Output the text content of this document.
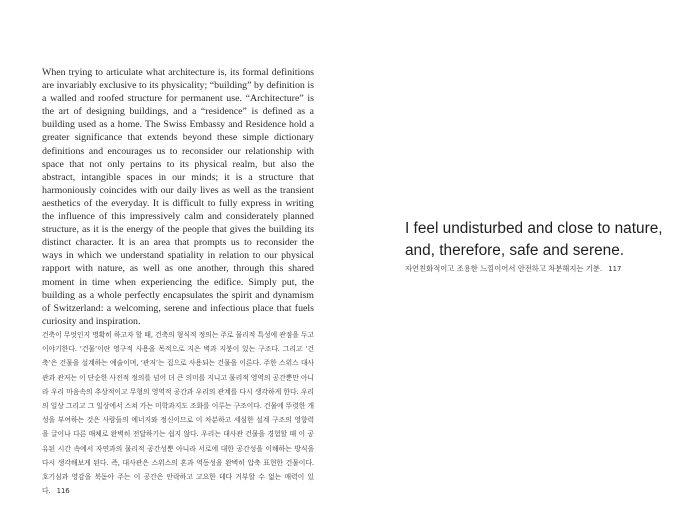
When trying to articulate what architecture is, its formal definitions are invariably exclusive to its physicality; “building” by definition is a walled and roofed structure for permanent use. “Architecture” is the art of designing buildings, and a “residence” is defined as a building used as a home. The Swiss Embassy and Residence hold a greater significance that extends beyond these simple dictionary definitions and encourages us to reconsider our relationship with space that not only pertains to its physical realm, but also the abstract, intangible spaces in our minds; it is a structure that harmoniously coincides with our daily lives as well as the transient aesthetics of the everyday. It is difficult to fully express in writing the influence of this impressively calm and considerately planned structure, as it is the energy of the people that gives the building its distinct character. It is an area that prompts us to reconsider the ways in which we understand spatiality in relation to our physical rapport with nature, as well as one another, through this shared moment in time when experiencing the edifice. Simply put, the building as a whole perfectly encapsulates the spirit and dynamism of Switzerland: a welcoming, serene and infectious place that fuels curiosity and inspiration.

건축이 무엇인지 명확히 하고자 할 때, 건축의 형식적 정의는 주로 물리적 특성에 관점을 두고 이야기한다. ‘건물’이란 영구적 사용을 목적으로 지은 벽과 지붕이 있는 구조다. 그리고 ‘건축’은 건물을 설계하는 예술이며, ‘관저’는 집으로 사용되는 건물을 이른다. 주한 스위스 대사관과 관저는 이 단순한 사전적 정의를 넘어 더 큰 의미를 지니고 물리적 영역의 공간뿐만 아니라 우리 마음속의 추상적이고 무형의 영역적 공간과 우리의 관계를 다시 생각하게 한다. 우리의 일상 그리고 그 일상에서 스쳐 가는 미학과지도 조화를 이루는 구조이다. 건물에 뚜렷한 개성을 부여하는 것은 사람들의 에너지와 정신이므로 이 차분하고 세심한 설계 구조의 영향력을 글이나 다른 매체로 완벽히 전달하기는 쉽지 않다. 우리는 대사관 건물을 경험할 때 이 공유된 시간 속에서 자연과의 물리적 공간성뿐 아니라 서로에 대한 공간성을 이해하는 방식을 다시 생각해보게 된다. 즉, 대사관은 스위스의 혼과 역동성을 완벽히 압축 표현한 건물이다. 호기심과 영감을 북돋아 주는 이 공간은 안락하고 고요한 데다 거부할 수 없는 매력이 있다. 116

I feel undisturbed and close to nature, and, therefore, safe and serene.

자연친화적이고 조용한 느낌이어서 안전하고 차분해지는 기분. 117
